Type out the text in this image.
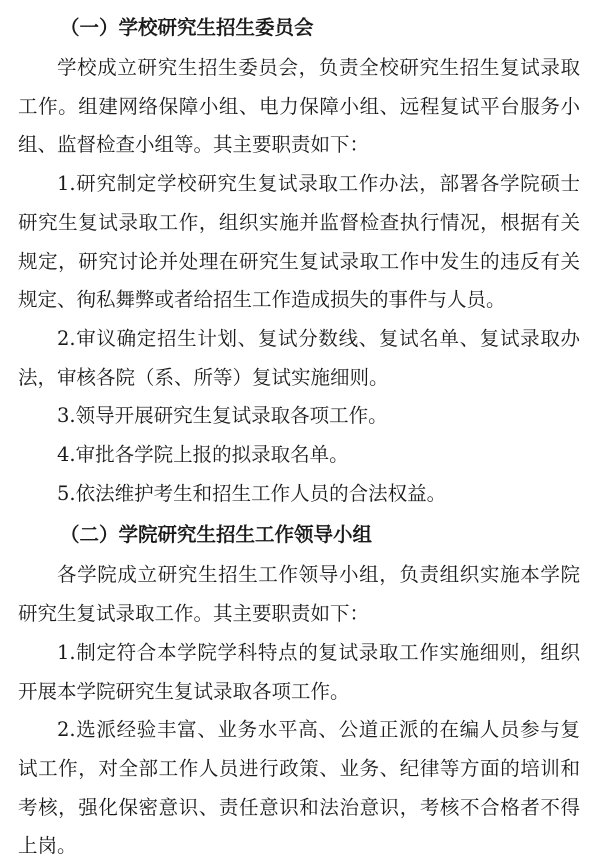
（一）学校研究生招生委员会

学校成立研究生招生委员会，负责全校研究生招生复试录取工作。组建网络保障小组、电力保障小组、远程复试平台服务小组、监督检查小组等。其主要职责如下：

1.研究制定学校研究生复试录取工作办法，部署各学院硕士研究生复试录取工作，组织实施并监督检查执行情况，根据有关规定，研究讨论并处理在研究生复试录取工作中发生的违反有关规定、徇私舞弊或者给招生工作造成损失的事件与人员。

2.审议确定招生计划、复试分数线、复试名单、复试录取办法，审核各院（系、所等）复试实施细则。

3.领导开展研究生复试录取各项工作。

4.审批各学院上报的拟录取名单。

5.依法维护考生和招生工作人员的合法权益。

（二）学院研究生招生工作领导小组

各学院成立研究生招生工作领导小组，负责组织实施本学院研究生复试录取工作。其主要职责如下：

1.制定符合本学院学科特点的复试录取工作实施细则，组织开展本学院研究生复试录取各项工作。

2.选派经验丰富、业务水平高、公道正派的在编人员参与复试工作，对全部工作人员进行政策、业务、纪律等方面的培训和考核，强化保密意识、责任意识和法治意识，考核不合格者不得上岗。
